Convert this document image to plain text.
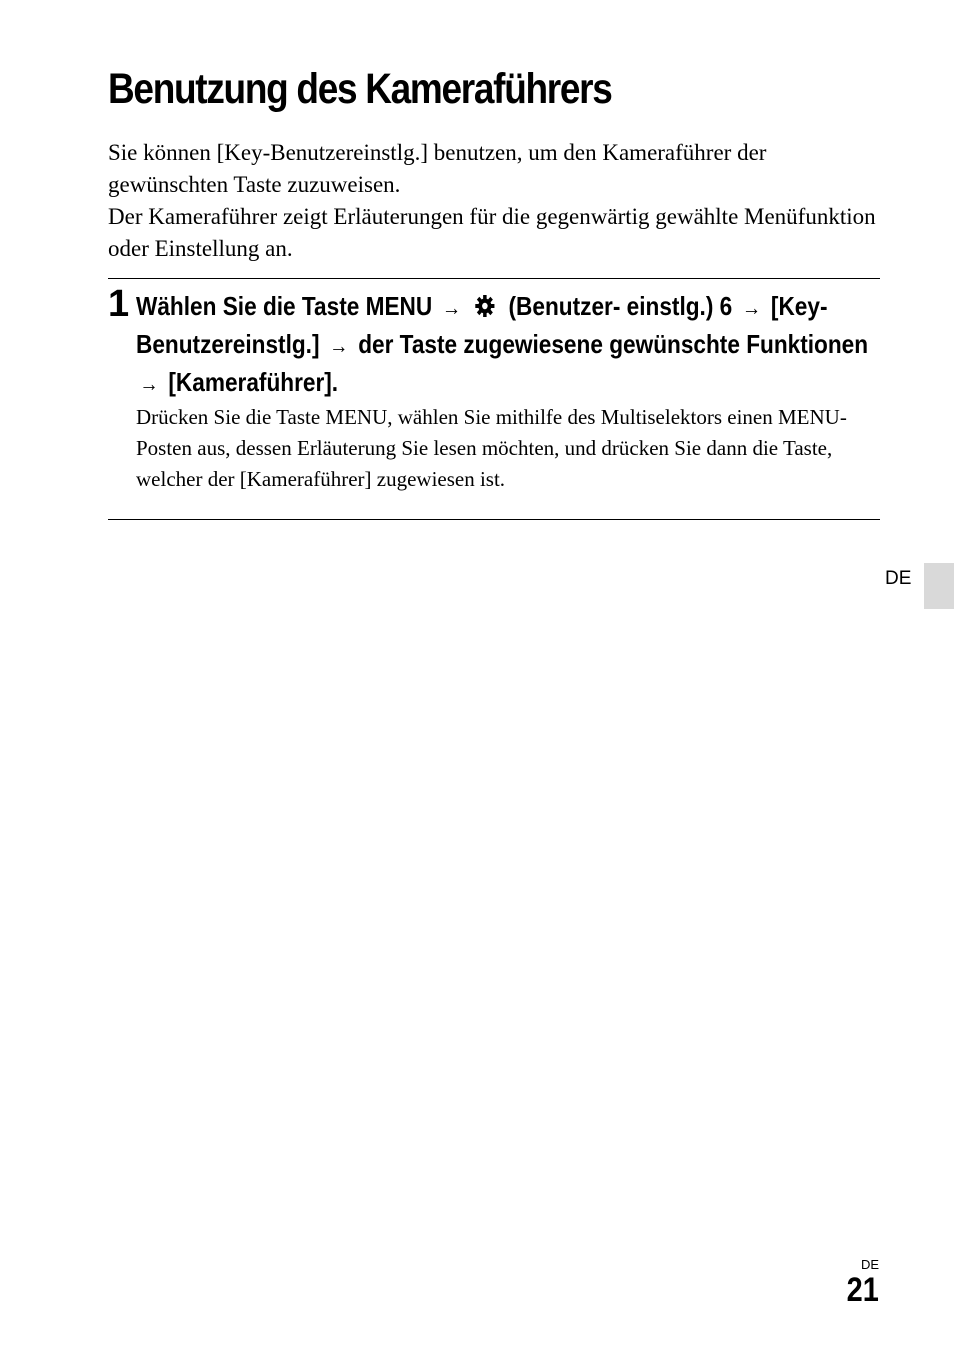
Benutzung des Kameraführers

Sie können [Key-Benutzereinstlg.] benutzen, um den Kameraführer der gewünschten Taste zuzuweisen.

Der Kameraführer zeigt Erläuterungen für die gegenwärtig gewählte Menüfunktion oder Einstellung an.

1 Wählen Sie die Taste MENU → (Benutzer- einstlg.) 6 → [Key-Benutzereinstlg.] → der Taste zugewiesene gewünschte Funktionen → [Kameraführer].
Drücken Sie die Taste MENU, wählen Sie mithilfe des Multiselektors einen MENU-Posten aus, dessen Erläuterung Sie lesen möchten, und drücken Sie dann die Taste, welcher der [Kameraführer] zugewiesen ist.
DE
DE
21
